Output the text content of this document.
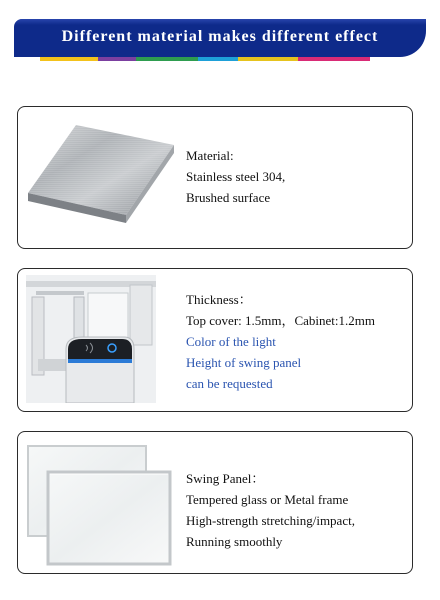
Different material makes different effect
Material:
Stainless steel 304,
Brushed surface
Thickness：
Top cover: 1.5mm，Cabinet:1.2mm
Color of the light
Height of swing panel
can be requested
Swing Panel：
Tempered glass or Metal frame
High-strength stretching/impact,
Running smoothly
